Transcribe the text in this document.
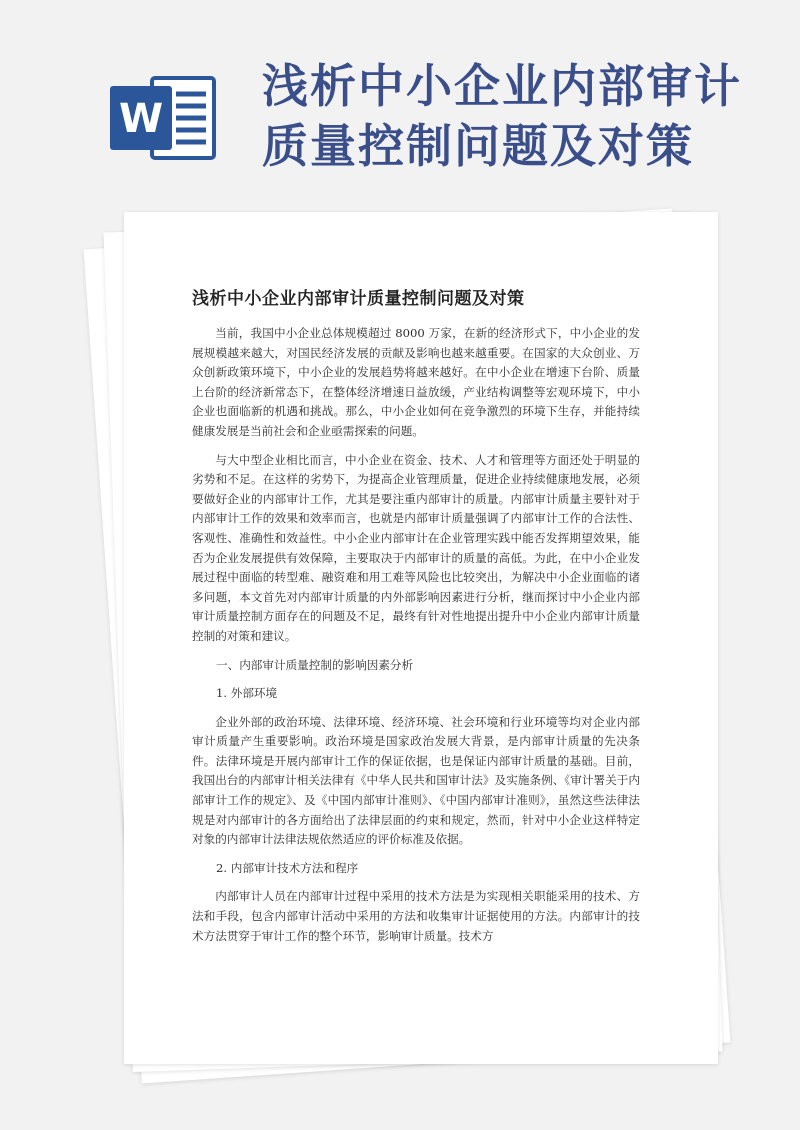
W
浅析中小企业内部审计
质量控制问题及对策
浅析中小企业内部审计质量控制问题及对策

当前，我国中小企业总体规模超过 8000 万家，在新的经济形式下，中小企业的发展规模越来越大，对国民经济发展的贡献及影响也越来越重要。在国家的大众创业、万众创新政策环境下，中小企业的发展趋势将越来越好。在中小企业在增速下台阶、质量上台阶的经济新常态下，在整体经济增速日益放缓，产业结构调整等宏观环境下，中小企业也面临新的机遇和挑战。那么，中小企业如何在竞争激烈的环境下生存，并能持续健康发展是当前社会和企业亟需探索的问题。

与大中型企业相比而言，中小企业在资金、技术、人才和管理等方面还处于明显的劣势和不足。在这样的劣势下，为提高企业管理质量，促进企业持续健康地发展，必须要做好企业的内部审计工作，尤其是要注重内部审计的质量。内部审计质量主要针对于内部审计工作的效果和效率而言，也就是内部审计质量强调了内部审计工作的合法性、客观性、准确性和效益性。中小企业内部审计在企业管理实践中能否发挥期望效果，能否为企业发展提供有效保障，主要取决于内部审计的质量的高低。为此，在中小企业发展过程中面临的转型难、融资难和用工难等风险也比较突出，为解决中小企业面临的诸多问题，本文首先对内部审计质量的内外部影响因素进行分析，继而探讨中小企业内部审计质量控制方面存在的问题及不足，最终有针对性地提出提升中小企业内部审计质量控制的对策和建议。

一、内部审计质量控制的影响因素分析

1. 外部环境

企业外部的政治环境、法律环境、经济环境、社会环境和行业环境等均对企业内部审计质量产生重要影响。政治环境是国家政治发展大背景，是内部审计质量的先决条件。法律环境是开展内部审计工作的保证依据，也是保证内部审计质量的基础。目前，我国出台的内部审计相关法律有《中华人民共和国审计法》及实施条例、《审计署关于内部审计工作的规定》、及《中国内部审计准则》、《中国内部审计准则》，虽然这些法律法规是对内部审计的各方面给出了法律层面的约束和规定，然而，针对中小企业这样特定对象的内部审计法律法规依然适应的评价标准及依据。

2. 内部审计技术方法和程序

内部审计人员在内部审计过程中采用的技术方法是为实现相关职能采用的技术、方法和手段，包含内部审计活动中采用的方法和收集审计证据使用的方法。内部审计的技术方法贯穿于审计工作的整个环节，影响审计质量。技术方
